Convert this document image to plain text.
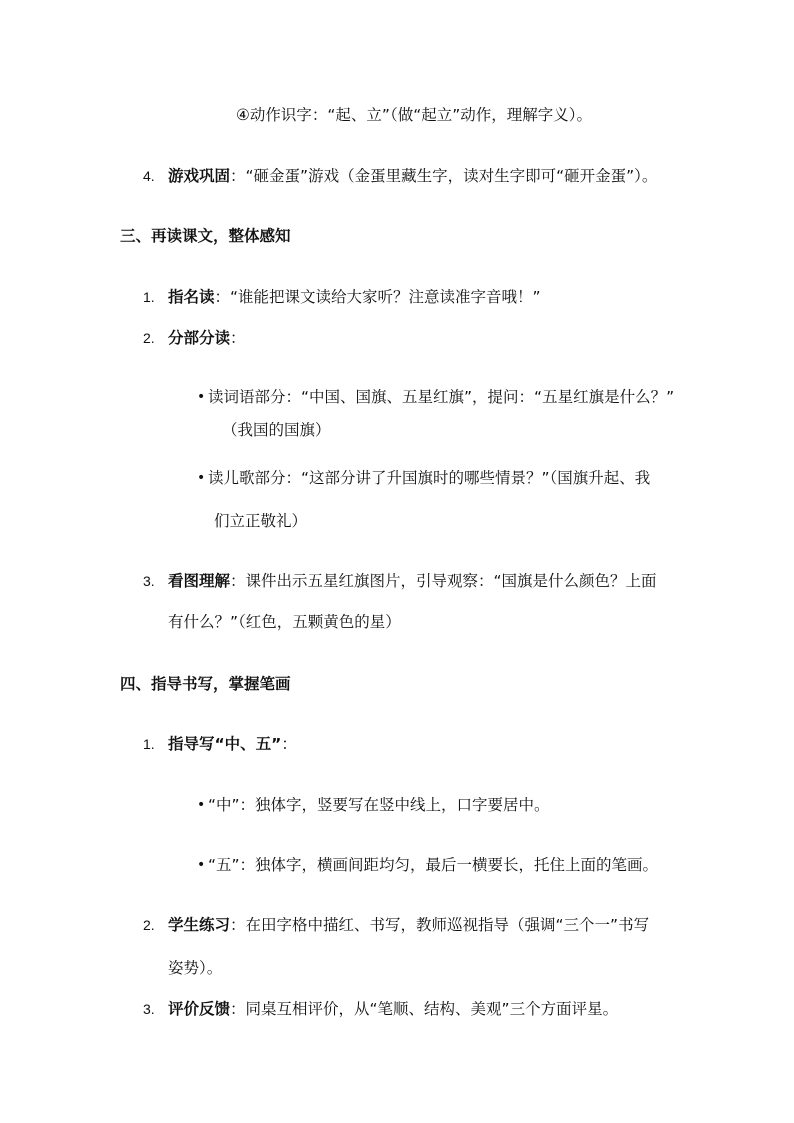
④动作识字：“起、立”（做“起立”动作，理解字义）。
4. 游戏巩固：“砸金蛋”游戏（金蛋里藏生字，读对生字即可“砸开金蛋”）。
三、再读课文，整体感知
1. 指名读：“谁能把课文读给大家听？注意读准字音哦！”
2. 分部分读：
• 读词语部分：“中国、国旗、五星红旗”，提问：“五星红旗是什么？”
（我国的国旗）
• 读儿歌部分：“这部分讲了升国旗时的哪些情景？”（国旗升起、我
们立正敬礼）
3. 看图理解：课件出示五星红旗图片，引导观察：“国旗是什么颜色？上面
有什么？”（红色，五颗黄色的星）
四、指导书写，掌握笔画
1. 指导写“中、五”：
• “中”：独体字，竖要写在竖中线上，口字要居中。
• “五”：独体字，横画间距均匀，最后一横要长，托住上面的笔画。
2. 学生练习：在田字格中描红、书写，教师巡视指导（强调“三个一”书写
姿势）。
3. 评价反馈：同桌互相评价，从“笔顺、结构、美观”三个方面评星。
